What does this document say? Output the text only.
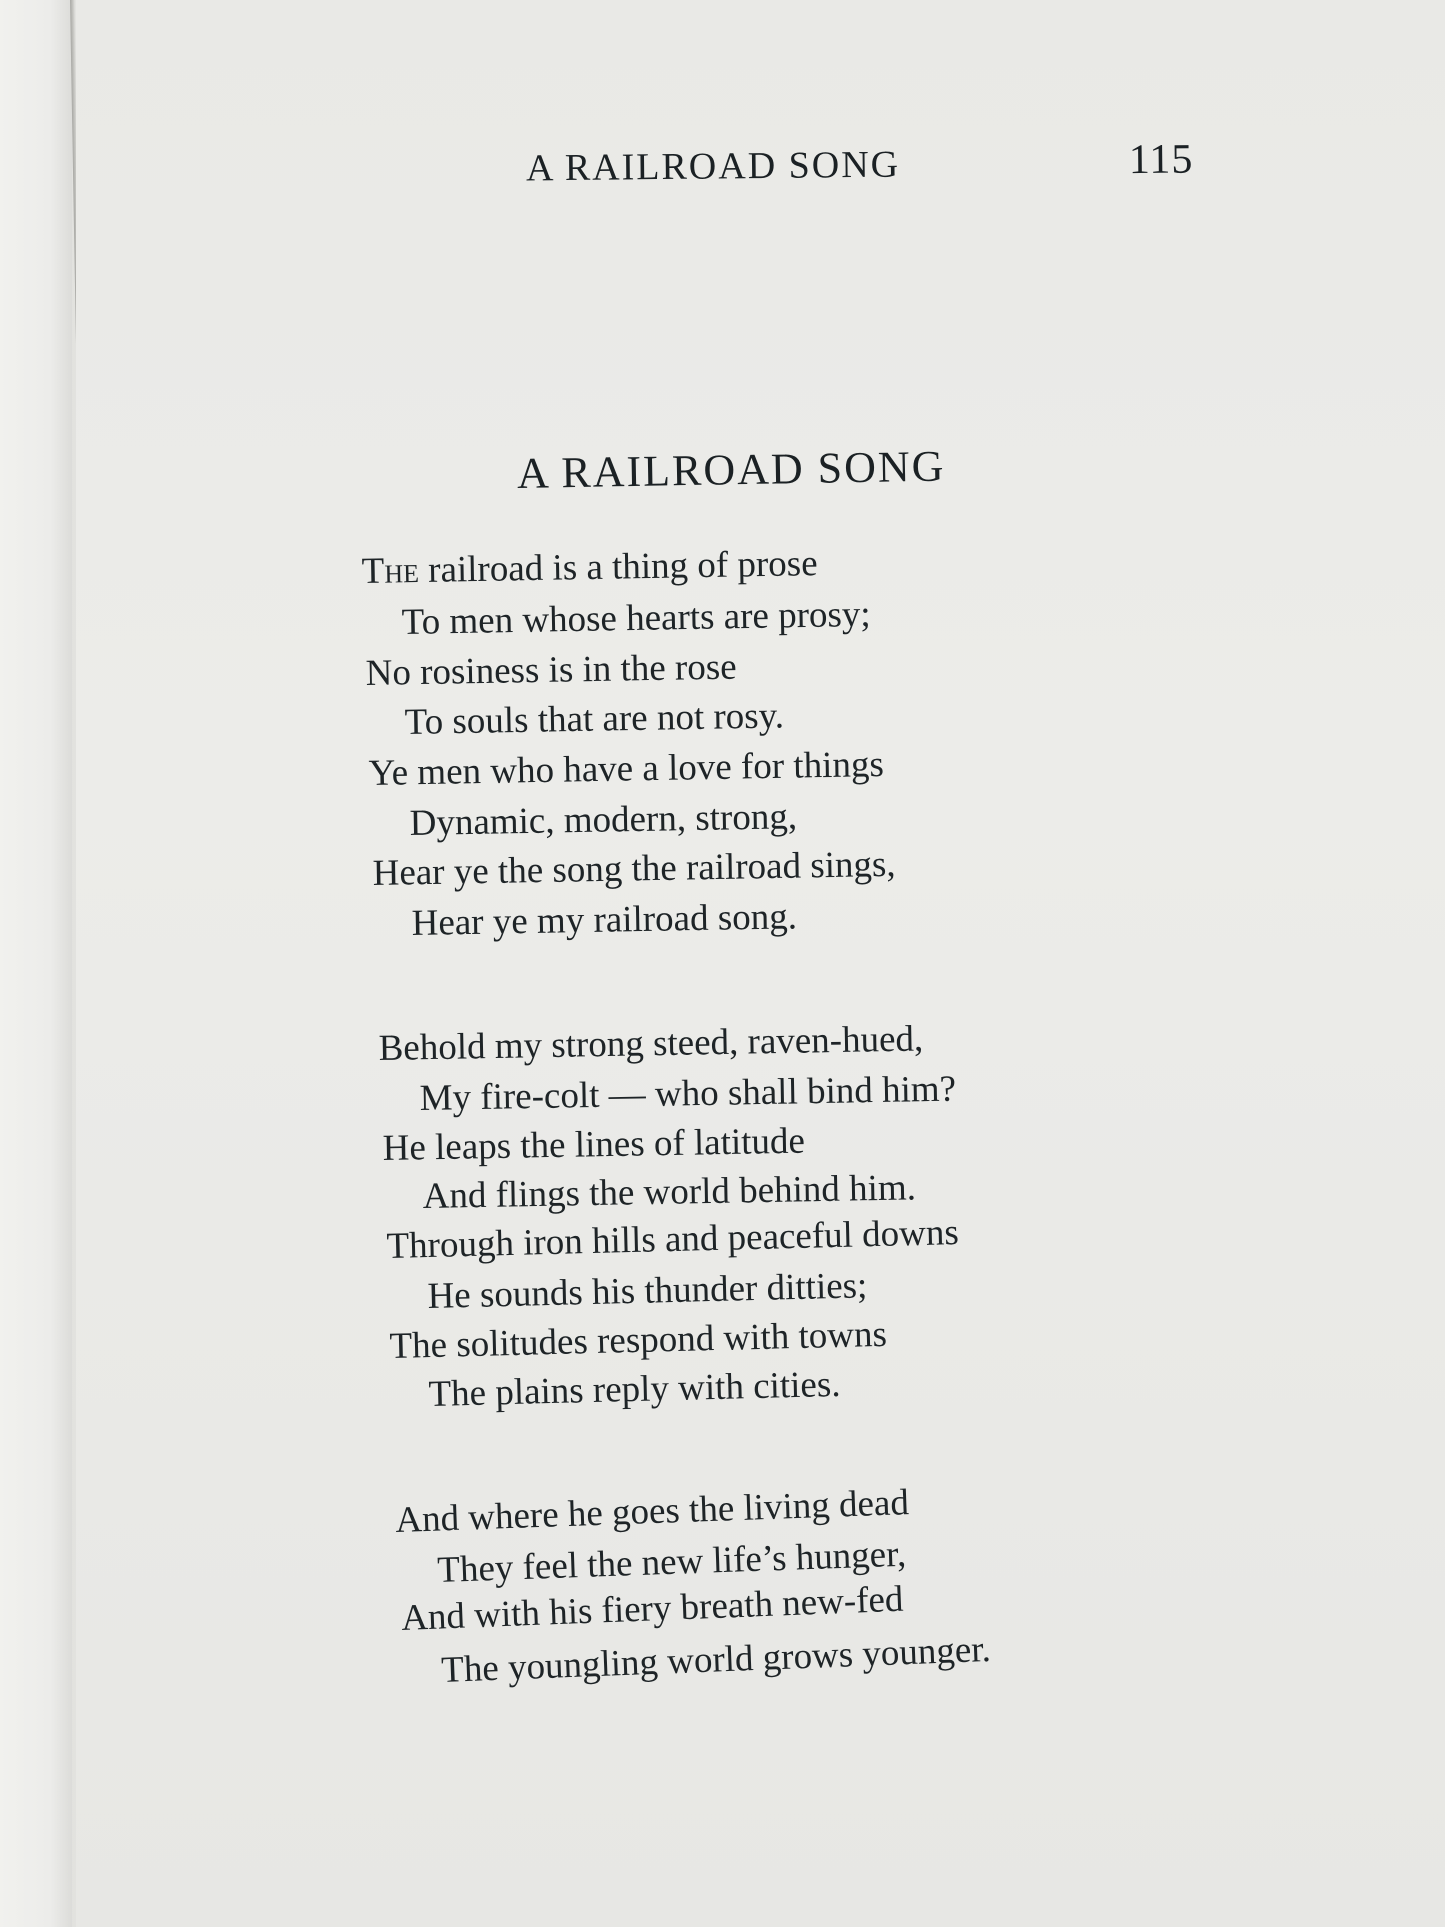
A RAILROAD SONG	115
A RAILROAD SONG
The railroad is a thing of prose
To men whose hearts are prosy;
No rosiness is in the rose
To souls that are not rosy.
Ye men who have a love for things
Dynamic, modern, strong,
Hear ye the song the railroad sings,
Hear ye my railroad song.
Behold my strong steed, raven-hued,
My fire-colt — who shall bind him?
He leaps the lines of latitude
And flings the world behind him.
Through iron hills and peaceful downs
He sounds his thunder ditties;
The solitudes respond with towns
The plains reply with cities.
And where he goes the living dead
They feel the new life’s hunger,
And with his fiery breath new-fed
The youngling world grows younger.
